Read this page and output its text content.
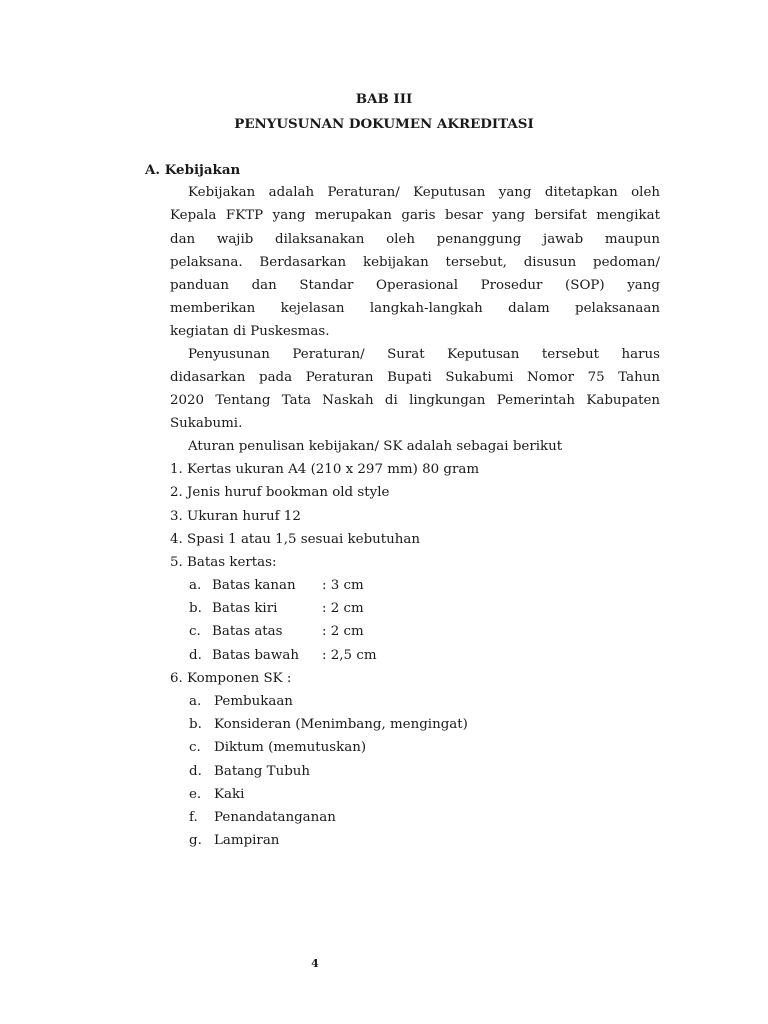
BAB III
PENYUSUNAN DOKUMEN AKREDITASI
A. Kebijakan
Kebijakan adalah Peraturan/ Keputusan yang ditetapkan oleh
Kepala FKTP yang merupakan garis besar yang bersifat mengikat
dan wajib dilaksanakan oleh penanggung jawab maupun
pelaksana. Berdasarkan kebijakan tersebut, disusun pedoman/
panduan dan Standar Operasional Prosedur (SOP) yang
memberikan kejelasan langkah-langkah dalam pelaksanaan
kegiatan di Puskesmas.
Penyusunan Peraturan/ Surat Keputusan tersebut harus
didasarkan pada Peraturan Bupati Sukabumi Nomor 75 Tahun
2020 Tentang Tata Naskah di lingkungan Pemerintah Kabupaten
Sukabumi.
Aturan penulisan kebijakan/ SK adalah sebagai berikut
1. Kertas ukuran A4 (210 x 297 mm) 80 gram
2. Jenis huruf bookman old style
3. Ukuran huruf 12
4. Spasi 1 atau 1,5 sesuai kebutuhan
5. Batas kertas:
a. Batas kanan : 3 cm
b. Batas kiri	: 2 cm
c. Batas atas	: 2 cm
d. Batas bawah : 2,5 cm
6. Komponen SK :
a. Pembukaan
b. Konsideran (Menimbang, mengingat)
c. Diktum (memutuskan)
d. Batang Tubuh
e. Kaki
f. Penandatanganan
g. Lampiran
4
